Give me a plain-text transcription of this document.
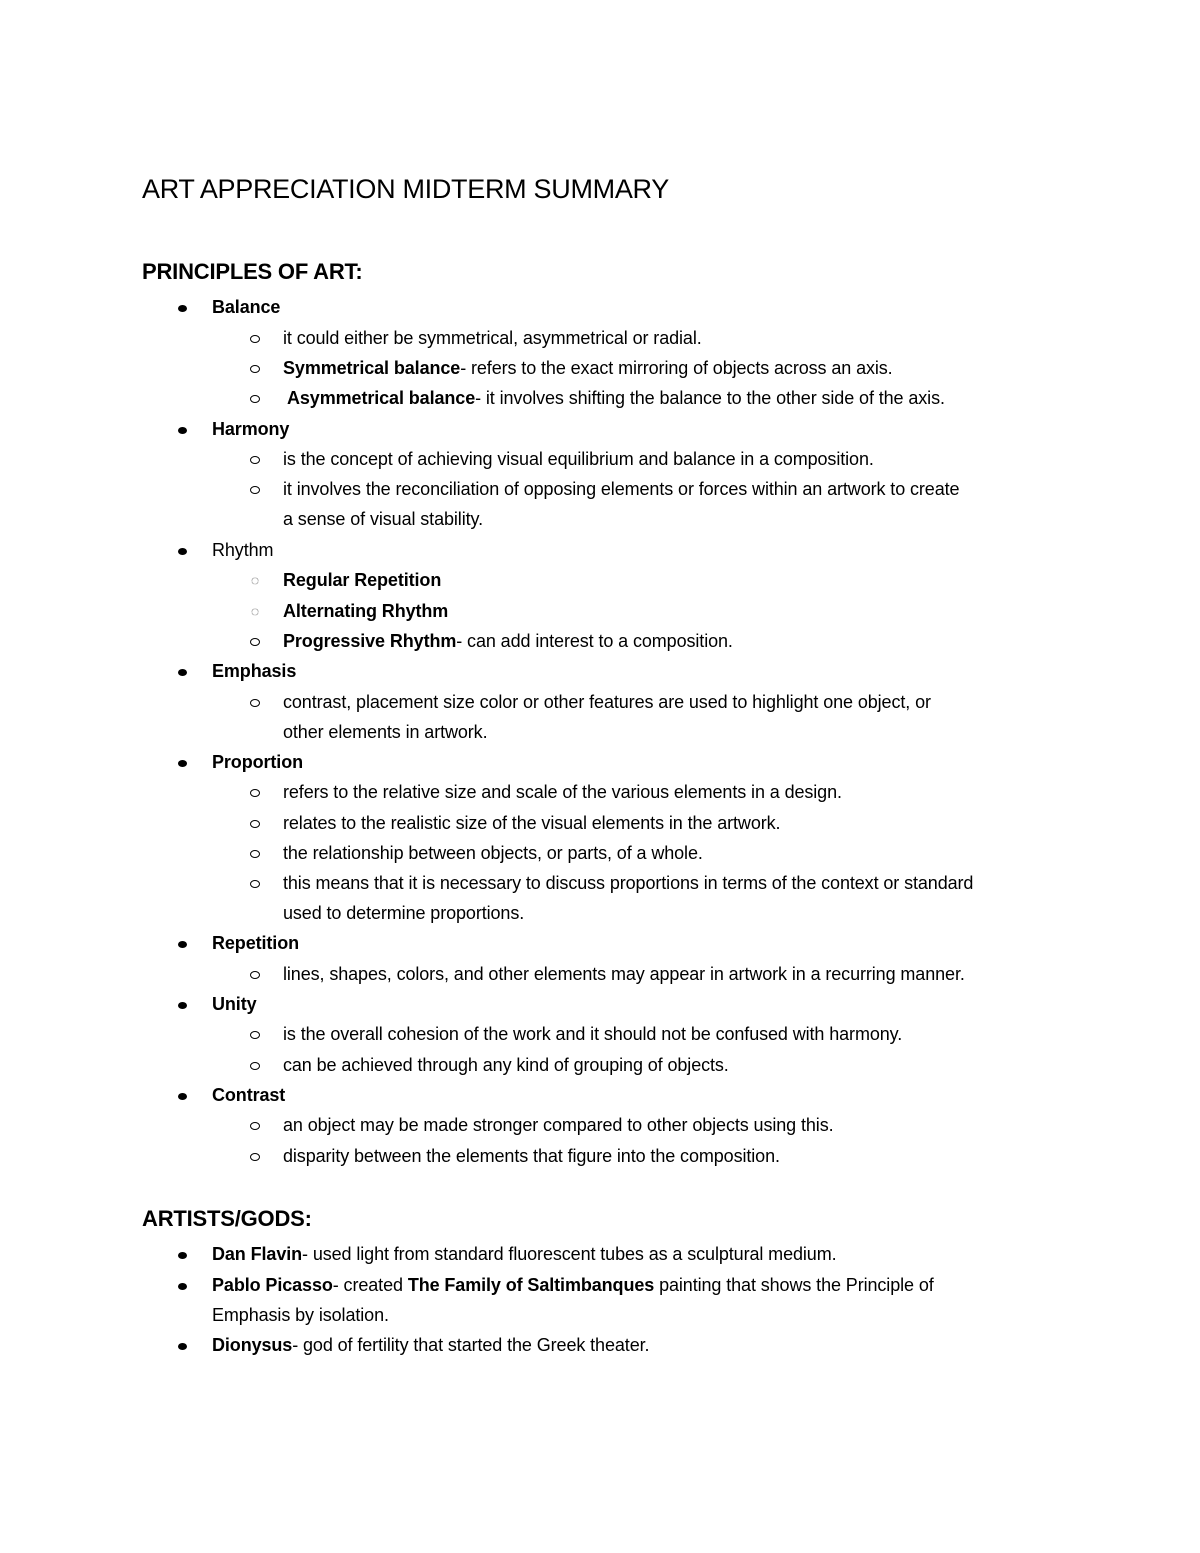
ART APPRECIATION MIDTERM SUMMARY
PRINCIPLES OF ART:
Balance
it could either be symmetrical, asymmetrical or radial.
Symmetrical balance- refers to the exact mirroring of objects across an axis.
Asymmetrical balance- it involves shifting the balance to the other side of the axis.
Harmony
is the concept of achieving visual equilibrium and balance in a composition.
it involves the reconciliation of opposing elements or forces within an artwork to create
a sense of visual stability.
Rhythm
◌ Regular Repetition
◌ Alternating Rhythm
Progressive Rhythm- can add interest to a composition.
Emphasis
contrast, placement size color or other features are used to highlight one object, or
other elements in artwork.
Proportion
refers to the relative size and scale of the various elements in a design.
relates to the realistic size of the visual elements in the artwork.
the relationship between objects, or parts, of a whole.
this means that it is necessary to discuss proportions in terms of the context or standard
used to determine proportions.
Repetition
lines, shapes, colors, and other elements may appear in artwork in a recurring manner.
Unity
is the overall cohesion of the work and it should not be confused with harmony.
can be achieved through any kind of grouping of objects.
Contrast
an object may be made stronger compared to other objects using this.
disparity between the elements that figure into the composition.
ARTISTS/GODS:
Dan Flavin- used light from standard fluorescent tubes as a sculptural medium.
Pablo Picasso- created The Family of Saltimbanques painting that shows the Principle of
Emphasis by isolation.
Dionysus- god of fertility that started the Greek theater.
